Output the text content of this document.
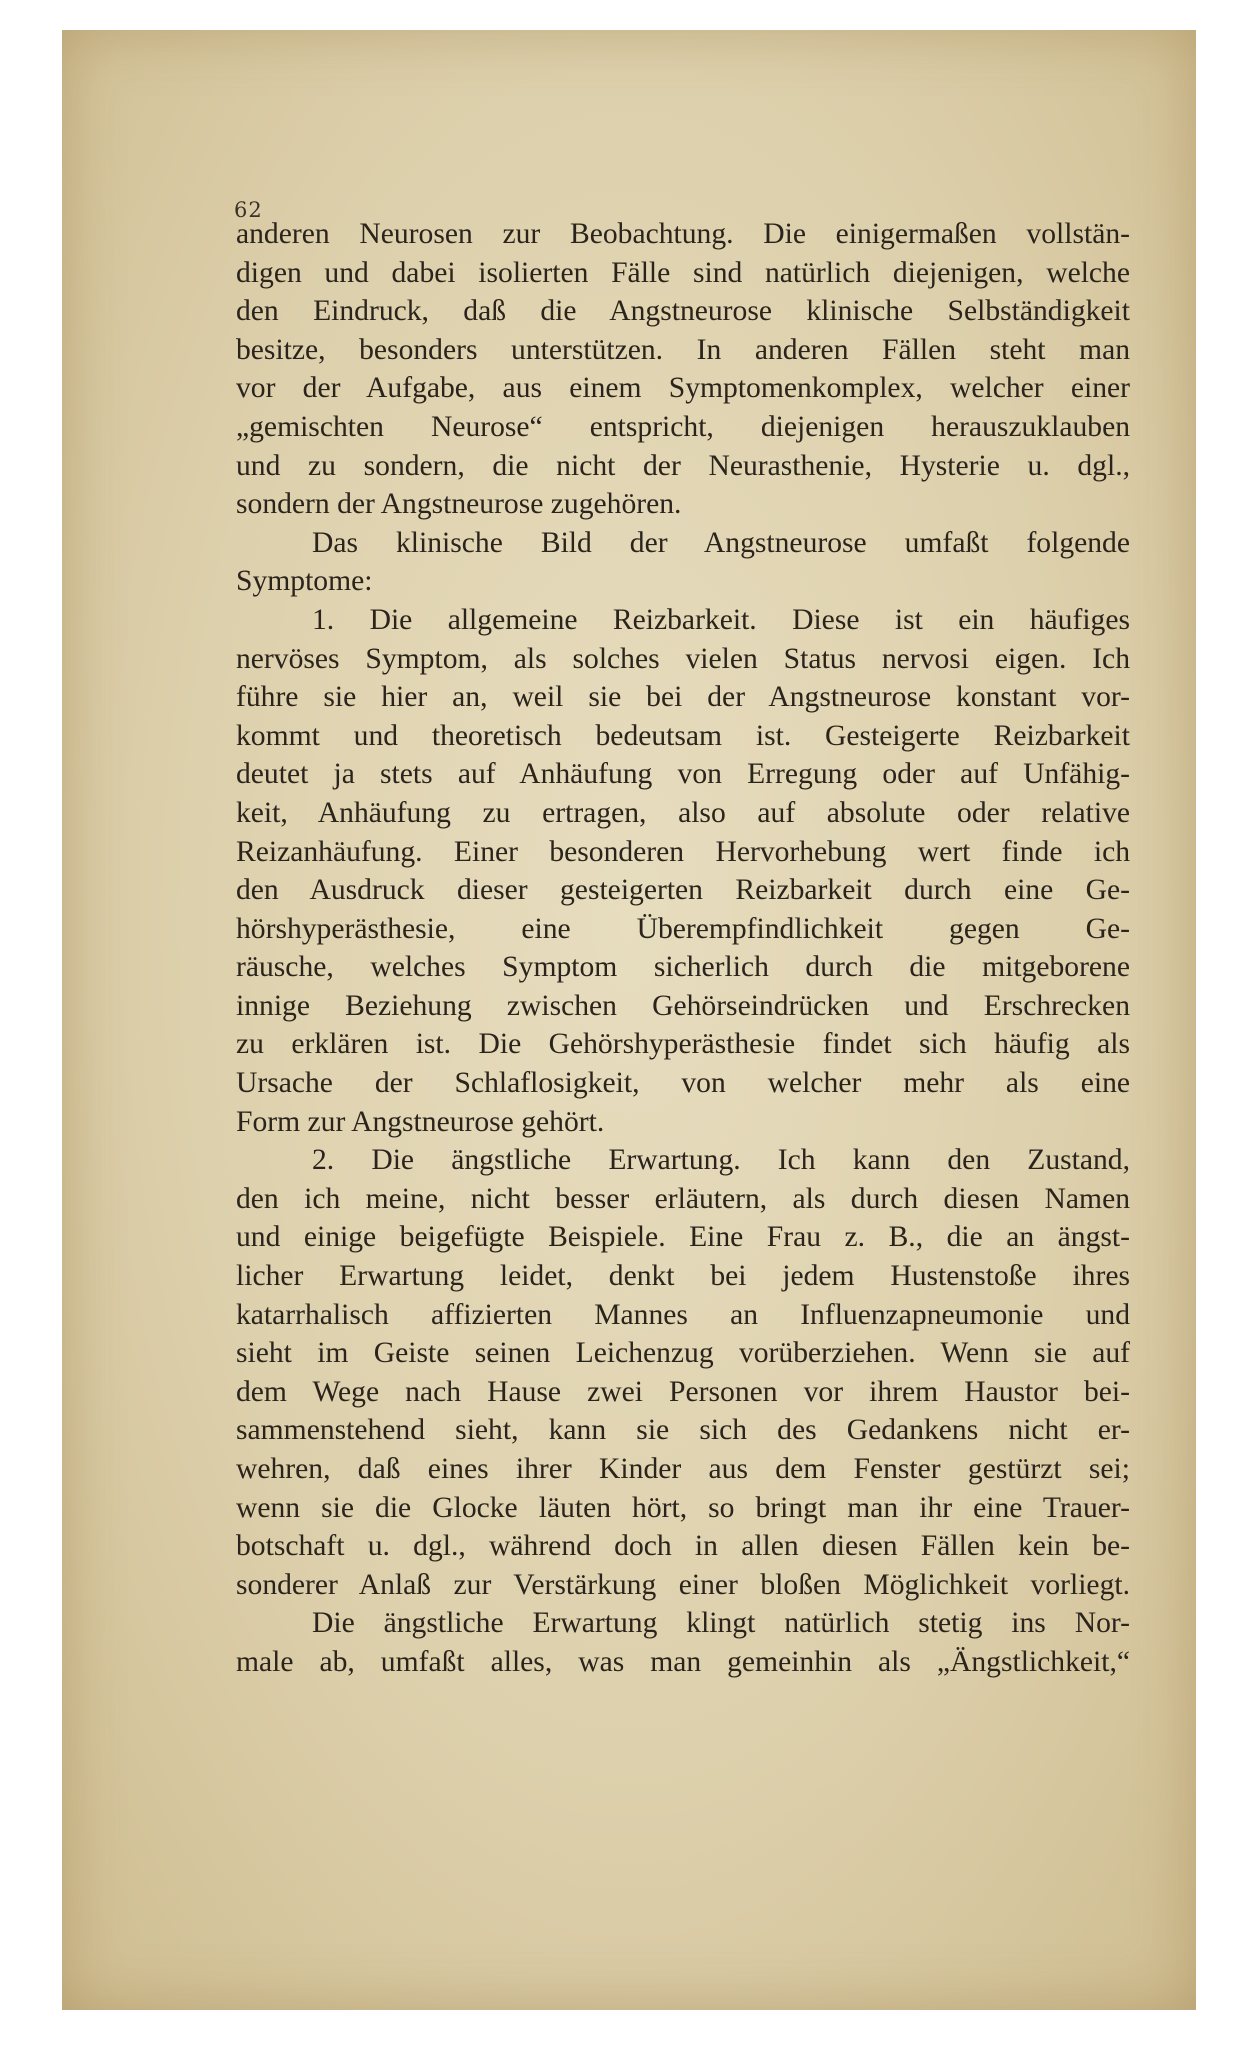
62
anderen Neurosen zur Beobachtung. Die einigermaßen vollstän-
digen und dabei isolierten Fälle sind natürlich diejenigen, welche
den Eindruck, daß die Angstneurose klinische Selbständigkeit
besitze, besonders unterstützen. In anderen Fällen steht man
vor der Aufgabe, aus einem Symptomenkomplex, welcher einer
„gemischten Neurose“ entspricht, diejenigen herauszuklauben
und zu sondern, die nicht der Neurasthenie, Hysterie u. dgl.,
sondern der Angstneurose zugehören.
Das klinische Bild der Angstneurose umfaßt folgende
Symptome:
1. Die allgemeine Reizbarkeit. Diese ist ein häufiges
nervöses Symptom, als solches vielen Status nervosi eigen. Ich
führe sie hier an, weil sie bei der Angstneurose konstant vor-
kommt und theoretisch bedeutsam ist. Gesteigerte Reizbarkeit
deutet ja stets auf Anhäufung von Erregung oder auf Unfähig-
keit, Anhäufung zu ertragen, also auf absolute oder relative
Reizanhäufung. Einer besonderen Hervorhebung wert finde ich
den Ausdruck dieser gesteigerten Reizbarkeit durch eine Ge-
hörshyperästhesie, eine Überempfindlichkeit gegen Ge-
räusche, welches Symptom sicherlich durch die mitgeborene
innige Beziehung zwischen Gehörseindrücken und Erschrecken
zu erklären ist. Die Gehörshyperästhesie findet sich häufig als
Ursache der Schlaflosigkeit, von welcher mehr als eine
Form zur Angstneurose gehört.
2. Die ängstliche Erwartung. Ich kann den Zustand,
den ich meine, nicht besser erläutern, als durch diesen Namen
und einige beigefügte Beispiele. Eine Frau z. B., die an ängst-
licher Erwartung leidet, denkt bei jedem Hustenstoße ihres
katarrhalisch affizierten Mannes an Influenzapneumonie und
sieht im Geiste seinen Leichenzug vorüberziehen. Wenn sie auf
dem Wege nach Hause zwei Personen vor ihrem Haustor bei-
sammenstehend sieht, kann sie sich des Gedankens nicht er-
wehren, daß eines ihrer Kinder aus dem Fenster gestürzt sei;
wenn sie die Glocke läuten hört, so bringt man ihr eine Trauer-
botschaft u. dgl., während doch in allen diesen Fällen kein be-
sonderer Anlaß zur Verstärkung einer bloßen Möglichkeit vorliegt.
Die ängstliche Erwartung klingt natürlich stetig ins Nor-
male ab, umfaßt alles, was man gemeinhin als „Ängstlichkeit,“
